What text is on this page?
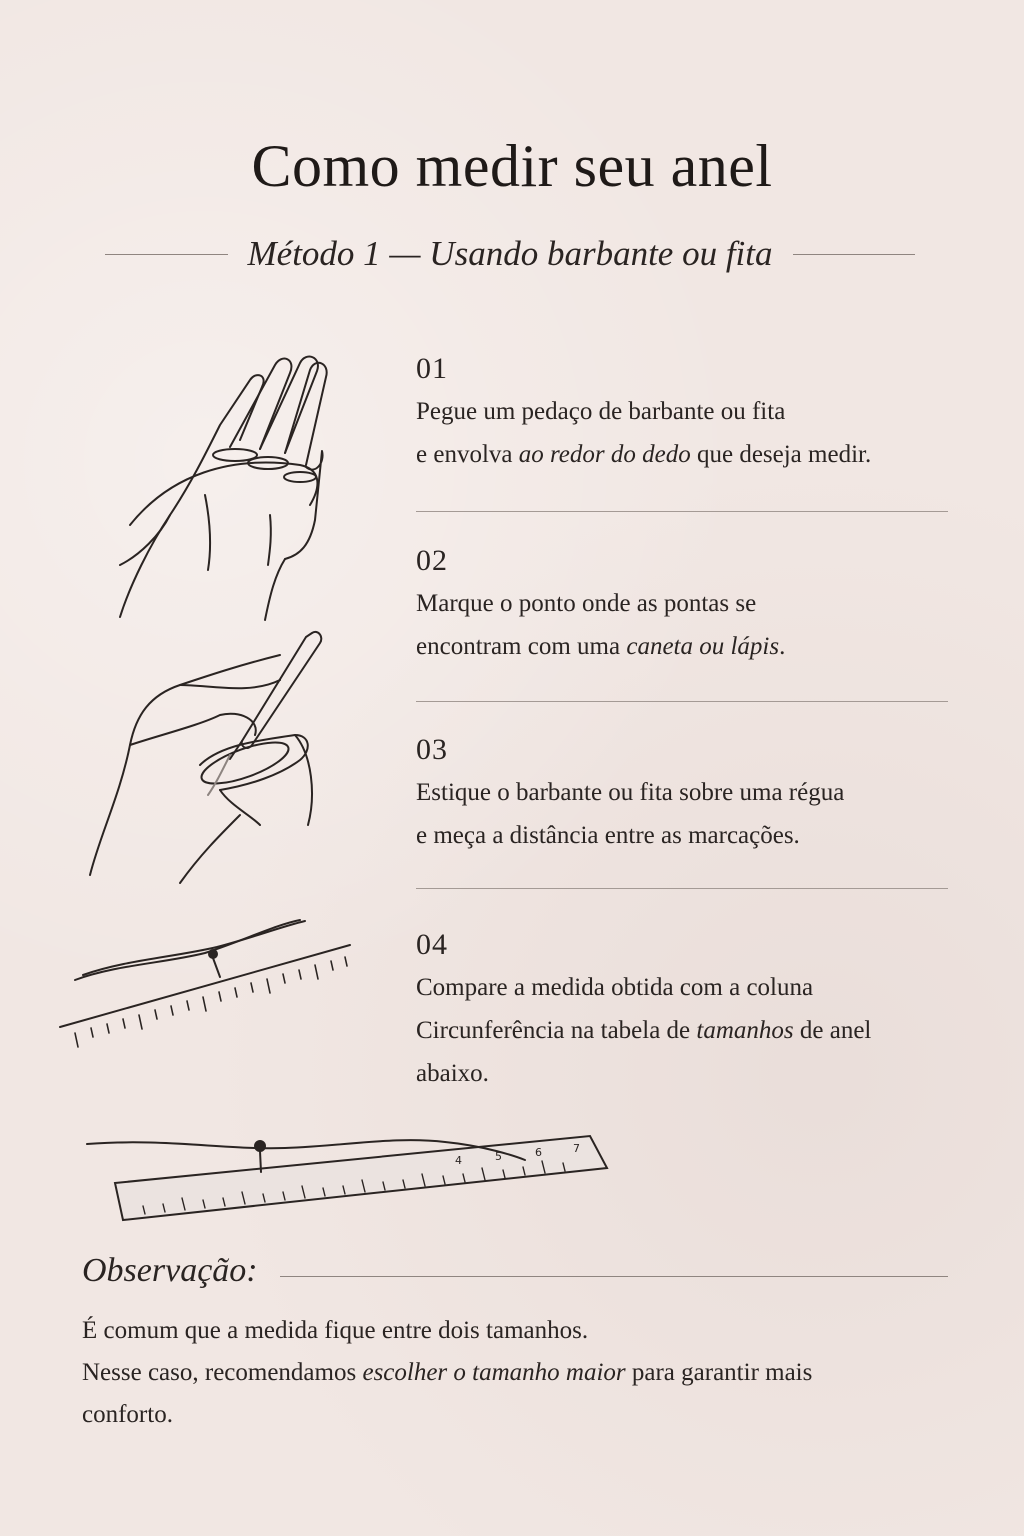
Como medir seu anel
Método 1 — Usando barbante ou fita
4	5	6	7
01
Pegue um pedaço de barbante ou fita
e envolva ao redor do dedo que deseja medir.
02
Marque o ponto onde as pontas se
encontram com uma caneta ou lápis.
03
Estique o barbante ou fita sobre uma régua
e meça a distância entre as marcações.
04
Compare a medida obtida com a coluna
Circunferência na tabela de tamanhos de anel
abaixo.
Observação:
É comum que a medida fique entre dois tamanhos.
Nesse caso, recomendamos escolher o tamanho maior para garantir mais
conforto.
